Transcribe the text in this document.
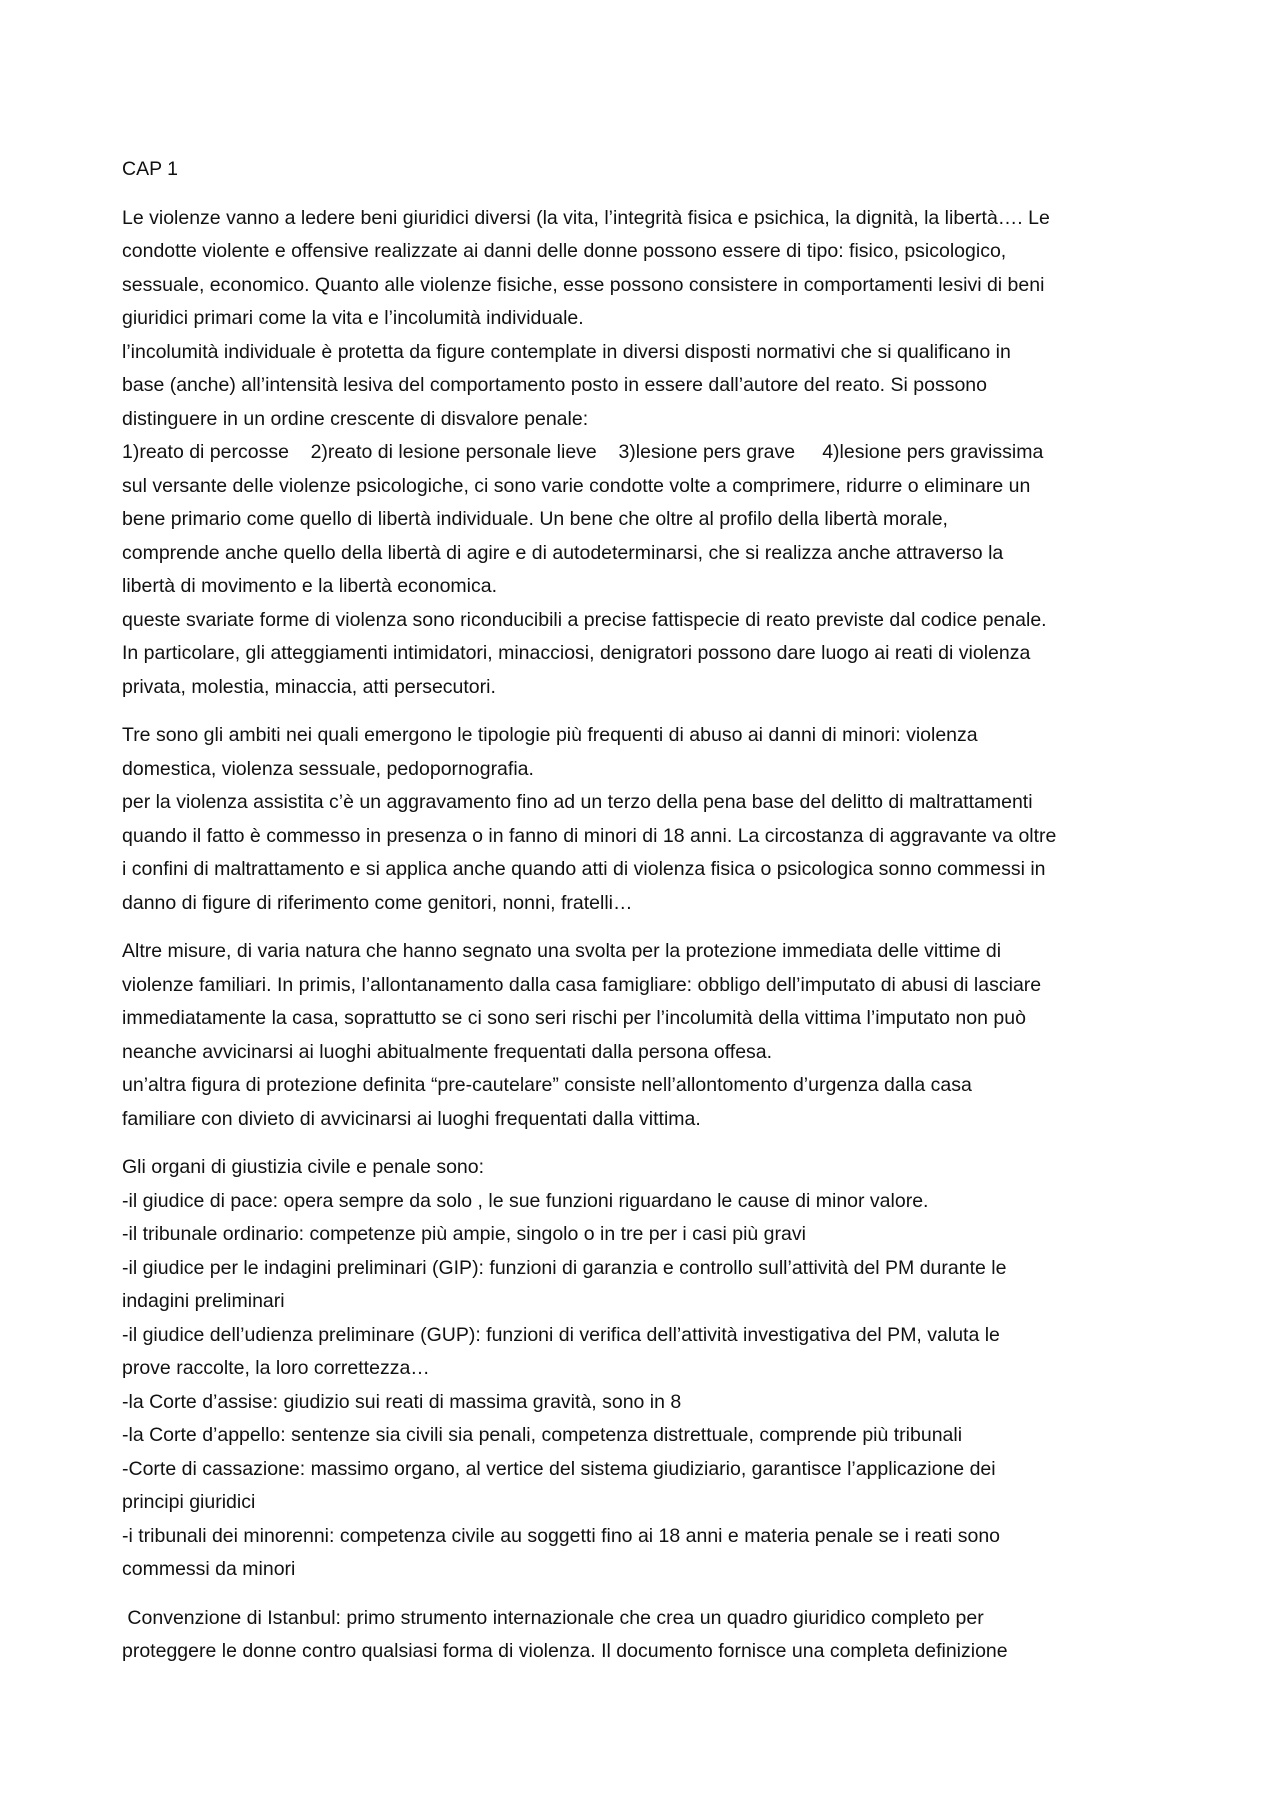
CAP 1
Le violenze vanno a ledere beni giuridici diversi (la vita, l’integrità fisica e psichica, la dignità, la libertà…. Le
condotte violente e offensive realizzate ai danni delle donne possono essere di tipo: fisico, psicologico,
sessuale, economico. Quanto alle violenze fisiche, esse possono consistere in comportamenti lesivi di beni
giuridici primari come la vita e l’incolumità individuale.
l’incolumità individuale è protetta da figure contemplate in diversi disposti normativi che si qualificano in
base (anche) all’intensità lesiva del comportamento posto in essere dall’autore del reato. Si possono
distinguere in un ordine crescente di disvalore penale:
1)reato di percosse    2)reato di lesione personale lieve    3)lesione pers grave     4)lesione pers gravissima
sul versante delle violenze psicologiche, ci sono varie condotte volte a comprimere, ridurre o eliminare un
bene primario come quello di libertà individuale. Un bene che oltre al profilo della libertà morale,
comprende anche quello della libertà di agire e di autodeterminarsi, che si realizza anche attraverso la
libertà di movimento e la libertà economica.
queste svariate forme di violenza sono riconducibili a precise fattispecie di reato previste dal codice penale.
In particolare, gli atteggiamenti intimidatori, minacciosi, denigratori possono dare luogo ai reati di violenza
privata, molestia, minaccia, atti persecutori.
Tre sono gli ambiti nei quali emergono le tipologie più frequenti di abuso ai danni di minori: violenza
domestica, violenza sessuale, pedopornografia.
per la violenza assistita c’è un aggravamento fino ad un terzo della pena base del delitto di maltrattamenti
quando il fatto è commesso in presenza o in fanno di minori di 18 anni. La circostanza di aggravante va oltre
i confini di maltrattamento e si applica anche quando atti di violenza fisica o psicologica sonno commessi in
danno di figure di riferimento come genitori, nonni, fratelli…
Altre misure, di varia natura che hanno segnato una svolta per la protezione immediata delle vittime di
violenze familiari. In primis, l’allontanamento dalla casa famigliare: obbligo dell’imputato di abusi di lasciare
immediatamente la casa, soprattutto se ci sono seri rischi per l’incolumità della vittima l’imputato non può
neanche avvicinarsi ai luoghi abitualmente frequentati dalla persona offesa.
un’altra figura di protezione definita “pre-cautelare” consiste nell’allontomento d’urgenza dalla casa
familiare con divieto di avvicinarsi ai luoghi frequentati dalla vittima.
Gli organi di giustizia civile e penale sono:
-il giudice di pace: opera sempre da solo , le sue funzioni riguardano le cause di minor valore.
-il tribunale ordinario: competenze più ampie, singolo o in tre per i casi più gravi
-il giudice per le indagini preliminari (GIP): funzioni di garanzia e controllo sull’attività del PM durante le
indagini preliminari
-il giudice dell’udienza preliminare (GUP): funzioni di verifica dell’attività investigativa del PM, valuta le
prove raccolte, la loro correttezza…
-la Corte d’assise: giudizio sui reati di massima gravità, sono in 8
-la Corte d’appello: sentenze sia civili sia penali, competenza distrettuale, comprende più tribunali
-Corte di cassazione: massimo organo, al vertice del sistema giudiziario, garantisce l’applicazione dei
principi giuridici
-i tribunali dei minorenni: competenza civile au soggetti fino ai 18 anni e materia penale se i reati sono
commessi da minori
Convenzione di Istanbul: primo strumento internazionale che crea un quadro giuridico completo per
proteggere le donne contro qualsiasi forma di violenza. Il documento fornisce una completa definizione
